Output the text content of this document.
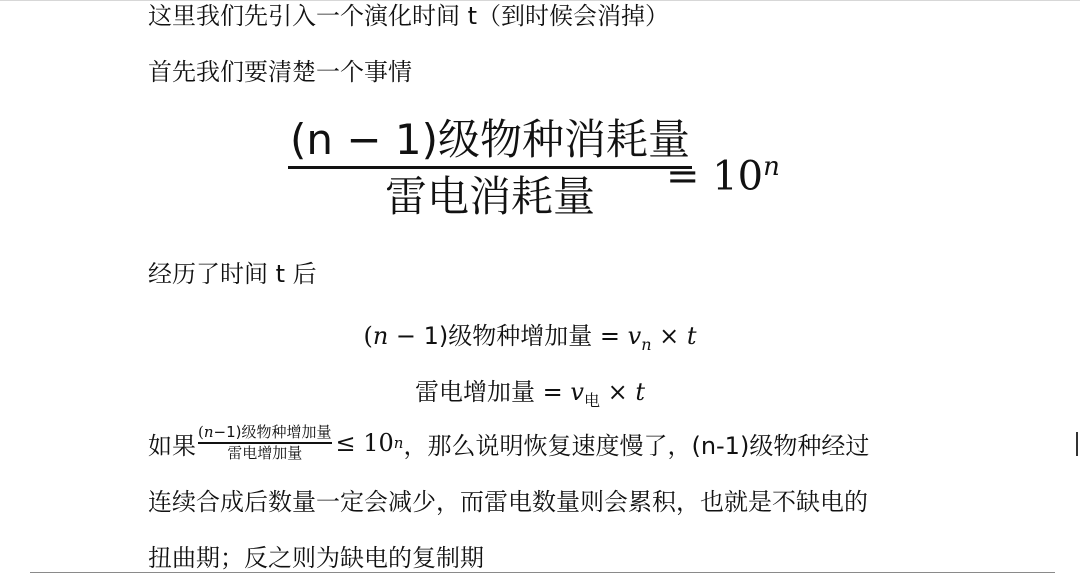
这里我们先引入一个演化时间 t（到时候会消掉）
首先我们要清楚一个事情
$\frac{\text{(n − 1)级物种消耗量}}{\text{雷电消耗量}}$
= $10^n$
经历了时间 t 后
(n − 1)级物种增加量 = $v_n \times t$
雷电增加量 = $v_电 \times t$
如果 $\frac{\text{(n−1)级物种增加量}}{\text{雷电增加量}} \le 10$ n ，那么说明恢复速度慢了，(n-1)级物种经过
连续合成后数量一定会减少，而雷电数量则会累积，也就是不缺电的
扭曲期；反之则为缺电的复制期
